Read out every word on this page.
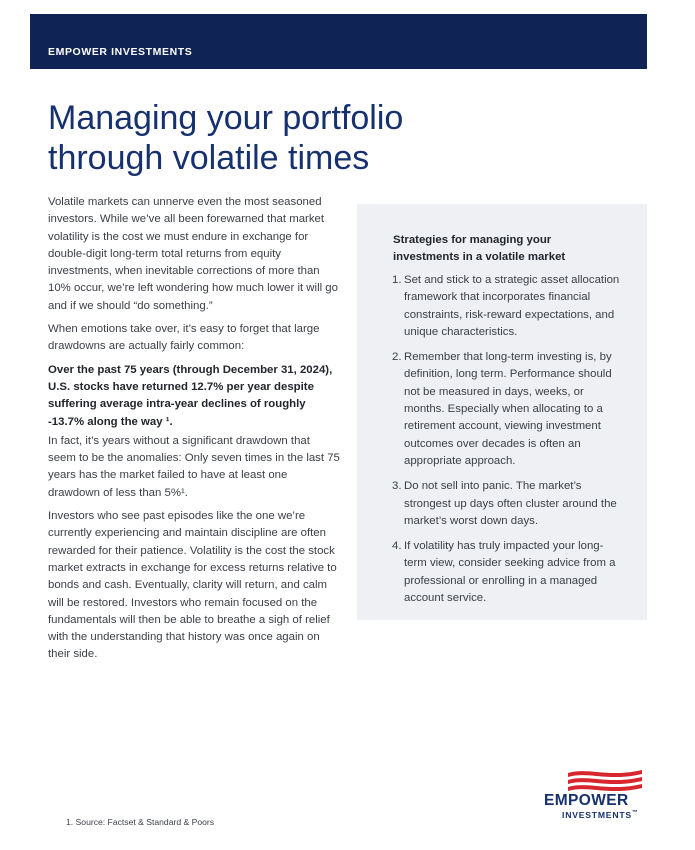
EMPOWER INVESTMENTS
Managing your portfolio
through volatile times

Volatile markets can unnerve even the most seasoned investors. While we’ve all been forewarned that market volatility is the cost we must endure in exchange for double-digit long-term total returns from equity investments, when inevitable corrections of more than 10% occur, we’re left wondering how much lower it will go and if we should “do something.”

When emotions take over, it’s easy to forget that large drawdowns are actually fairly common:

Over the past 75 years (through December 31, 2024), U.S. stocks have returned 12.7% per year despite suffering average intra-year declines of roughly -13.7% along the way ¹.

In fact, it’s years without a significant drawdown that seem to be the anomalies: Only seven times in the last 75 years has the market failed to have at least one drawdown of less than 5%¹.

Investors who see past episodes like the one we’re currently experiencing and maintain discipline are often rewarded for their patience. Volatility is the cost the stock market extracts in exchange for excess returns relative to bonds and cash. Eventually, clarity will return, and calm will be restored. Investors who remain focused on the fundamentals will then be able to breathe a sigh of relief with the understanding that history was once again on their side.

Strategies for managing your investments in a volatile market
1. Set and stick to a strategic asset allocation framework that incorporates financial constraints, risk-reward expectations, and unique characteristics.
2. Remember that long-term investing is, by definition, long term. Performance should not be measured in days, weeks, or months. Especially when allocating to a retirement account, viewing investment outcomes over decades is often an appropriate approach.
3. Do not sell into panic. The market’s strongest up days often cluster around the market’s worst down days.
4. If volatility has truly impacted your long-term view, consider seeking advice from a professional or enrolling in a managed account service.
EMPOWER
INVESTMENTS™
1. Source: Factset & Standard & Poors
